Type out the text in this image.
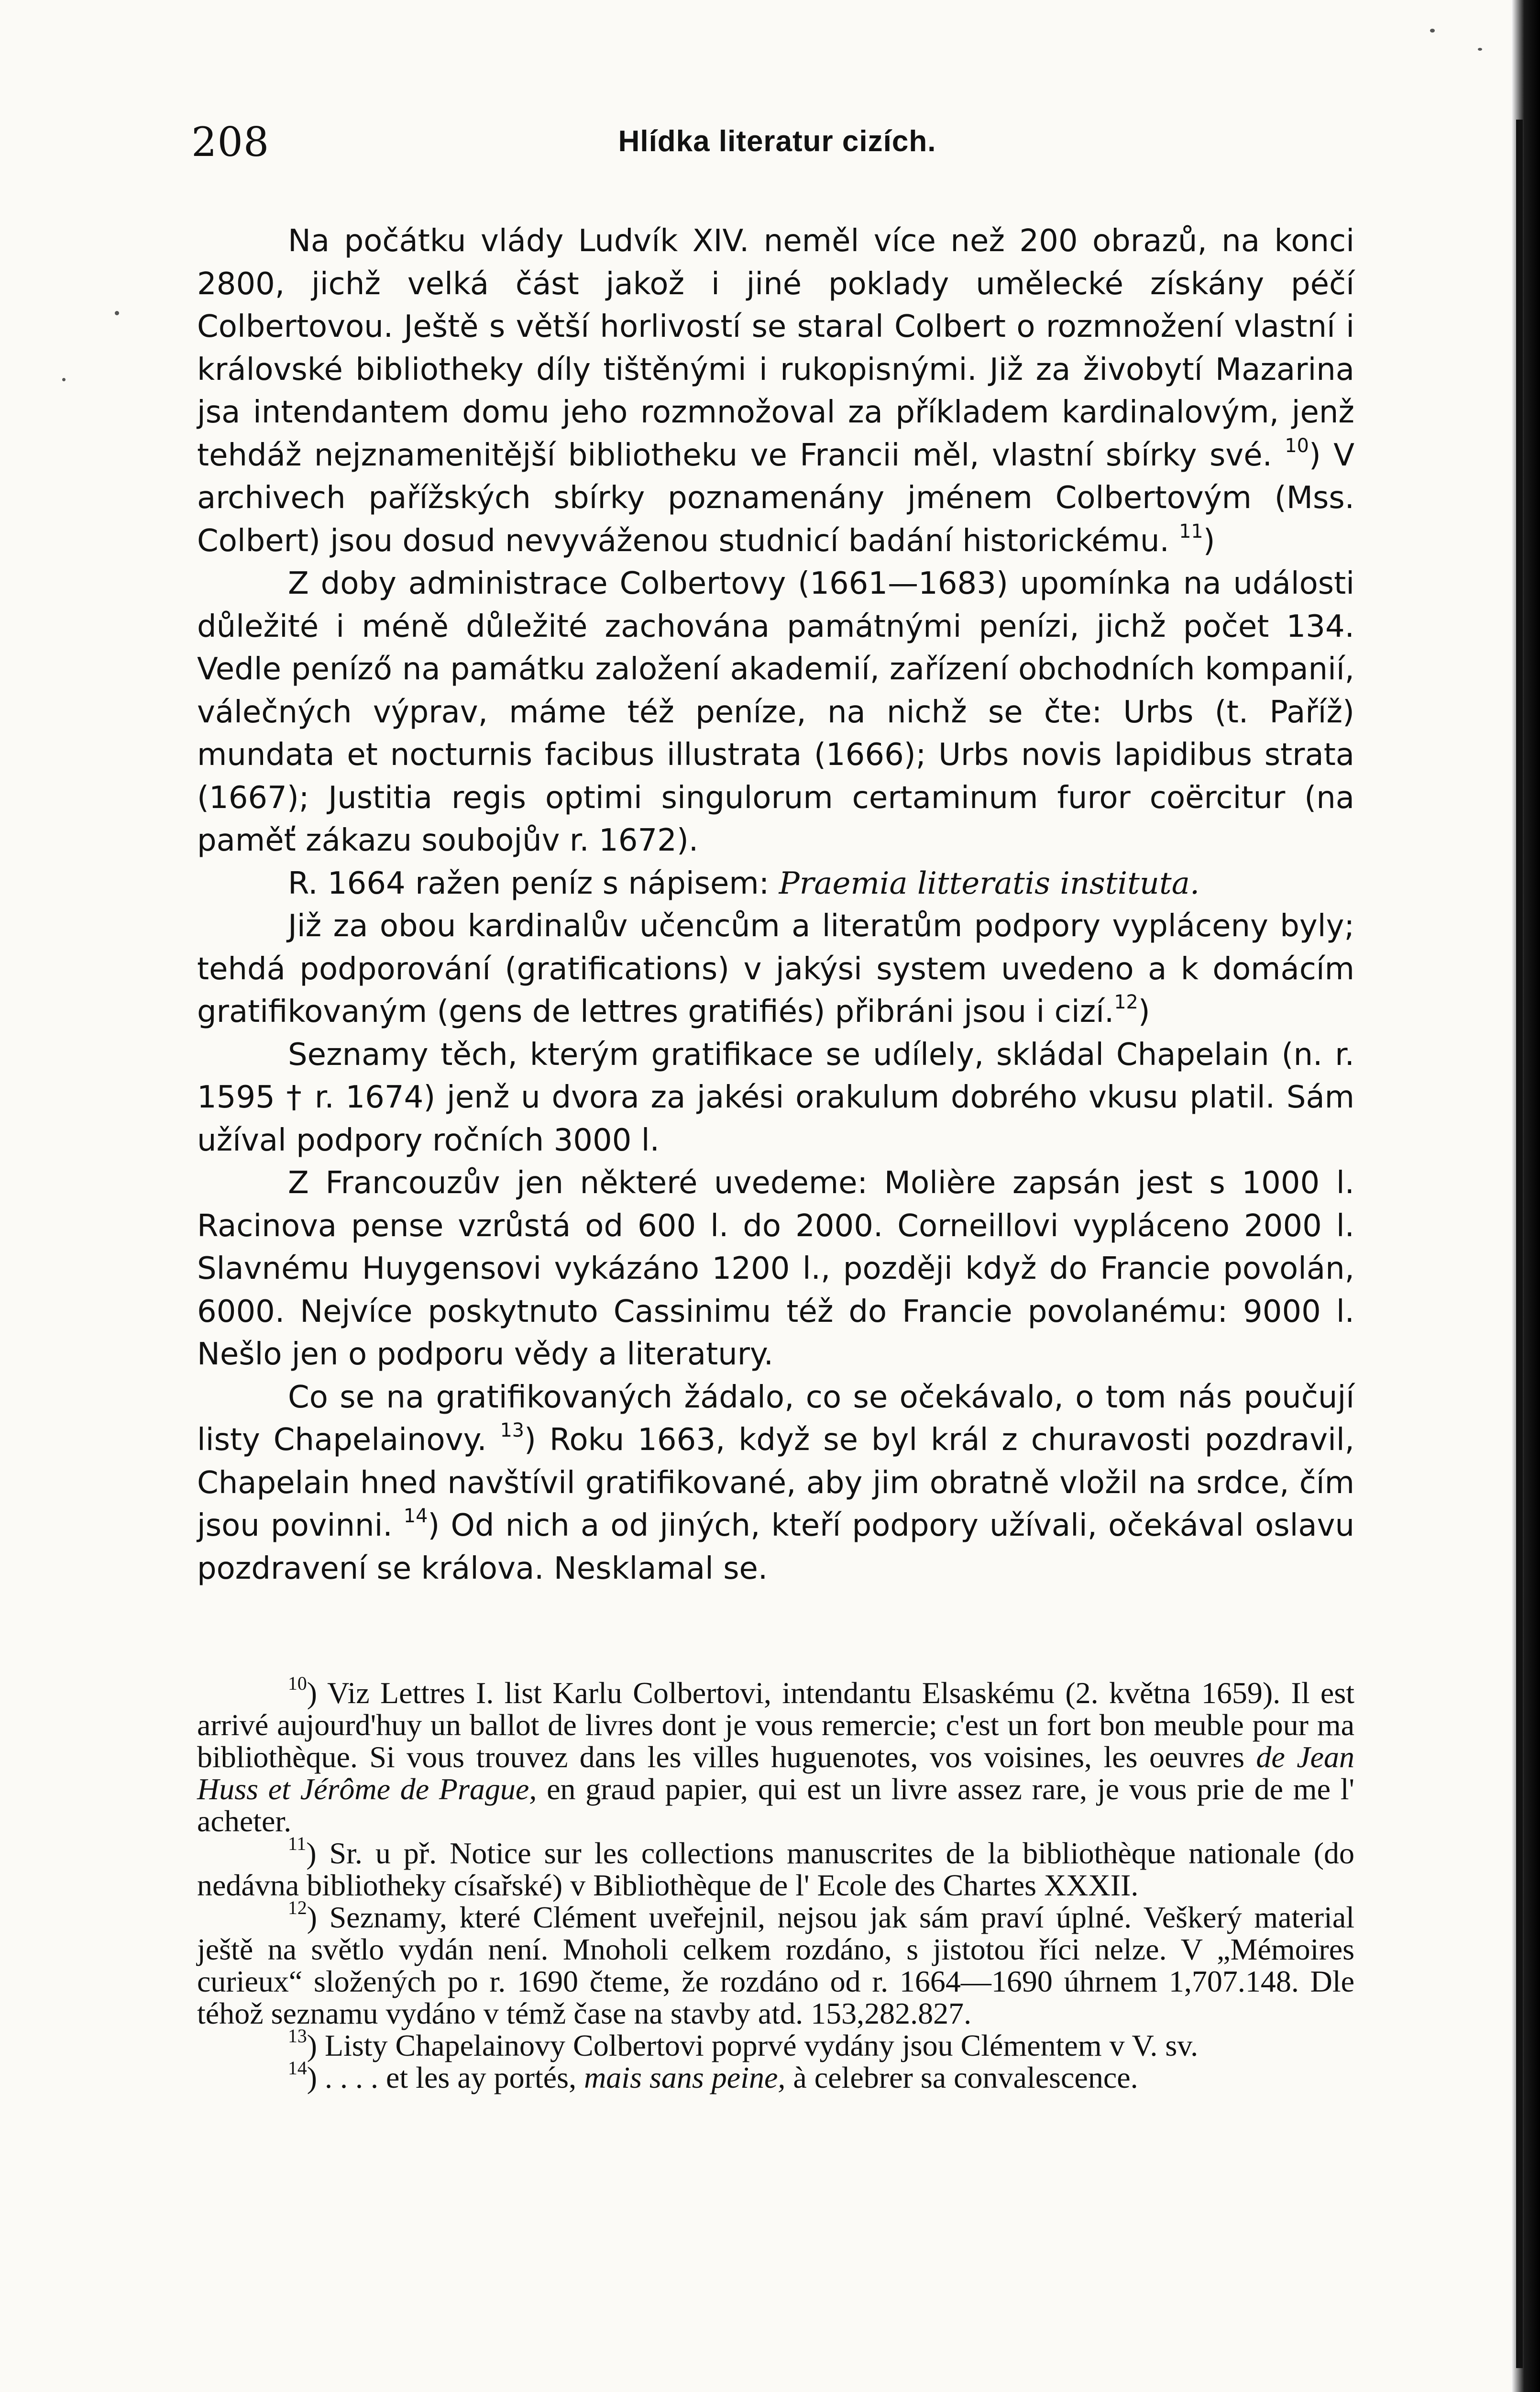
208	Hlídka literatur cizích.

Na počátku vlády Ludvík XIV. neměl více než 200 obrazů, na konci 2800, jichž velká část jakož i jiné poklady umělecké získány péčí Colbertovou. Ještě s větší horlivostí se staral Colbert o rozmnožení vlastní i královské bibliotheky díly tištěnými i rukopisnými. Již za živobytí Mazarina jsa intendantem domu jeho rozmnožoval za příkladem kardinalovým, jenž tehdáž nejznamenitější bibliotheku ve Francii měl, vlastní sbírky své. $^{10}$) V archivech pařížských sbírky poznamenány jménem Colbertovým (Mss. Colbert) jsou dosud nevyváženou studnicí badání historickému. $^{11}$)

Z doby administrace Colbertovy (1661—1683) upomínka na události důležité i méně důležité zachována památnými penízi, jichž počet 134. Vedle peníző na památku založení akademií, zařízení obchodních kompanií, válečných výprav, máme též peníze, na nichž se čte: Urbs (t. Paříž) mundata et nocturnis facibus illustrata (1666); Urbs novis lapidibus strata (1667); Justitia regis optimi singulorum certaminum furor coërcitur (na paměť zákazu soubojův r. 1672).

R. 1664 ražen peníz s nápisem: Praemia litteratis instituta.

Již za obou kardinalův učencům a literatům podpory vypláceny byly; tehdá podporování (gratifications) v jakýsi system uvedeno a k domácím gratifikovaným (gens de lettres gratifiés) přibráni jsou i cizí.$^{12}$)

Seznamy těch, kterým gratifikace se udílely, skládal Chapelain (n. r. 1595 † r. 1674) jenž u dvora za jakési orakulum dobrého vkusu platil. Sám užíval podpory ročních 3000 l.

Z Francouzův jen některé uvedeme: Molière zapsán jest s 1000 l. Racinova pense vzrůstá od 600 l. do 2000. Corneillovi vypláceno 2000 l. Slavnému Huygensovi vykázáno 1200 l., později když do Francie povolán, 6000. Nejvíce poskytnuto Cassinimu též do Francie povolanému: 9000 l. Nešlo jen o podporu vědy a literatury.

Co se na gratifikovaných žádalo, co se očekávalo, o tom nás poučují listy Chapelainovy. $^{13}$) Roku 1663, když se byl král z churavosti pozdravil, Chapelain hned navštívil gratifikované, aby jim obratně vložil na srdce, čím jsou povinni. $^{14}$) Od nich a od jiných, kteří podpory užívali, očekával oslavu pozdravení se králova. Nesklamal se.

$^{10}$) Viz Lettres I. list Karlu Colbertovi, intendantu Elsaskému (2. května 1659). Il est arrivé aujourd'huy un ballot de livres dont je vous remercie; c'est un fort bon meuble pour ma bibliothèque. Si vous trouvez dans les villes huguenotes, vos voisines, les oeuvres de Jean Huss et Jérôme de Prague, en graud papier, qui est un livre assez rare, je vous prie de me l' acheter.

$^{11}$) Sr. u př. Notice sur les collections manuscrites de la bibliothèque nationale (do nedávna bibliotheky císařské) v Bibliothèque de l' Ecole des Chartes XXXII.

$^{12}$) Seznamy, které Clément uveřejnil, nejsou jak sám praví úplné. Veškerý material ještě na světlo vydán není. Mnoholi celkem rozdáno, s jistotou říci nelze. V „Mémoires curieux“ složených po r. 1690 čteme, že rozdáno od r. 1664—1690 úhrnem 1,707.148. Dle téhož seznamu vydáno v témž čase na stavby atd. 153,282.827.

$^{13}$) Listy Chapelainovy Colbertovi poprvé vydány jsou Clémentem v V. sv.

$^{14}$) . . . . et les ay portés, mais sans peine, à celebrer sa convalescence.
